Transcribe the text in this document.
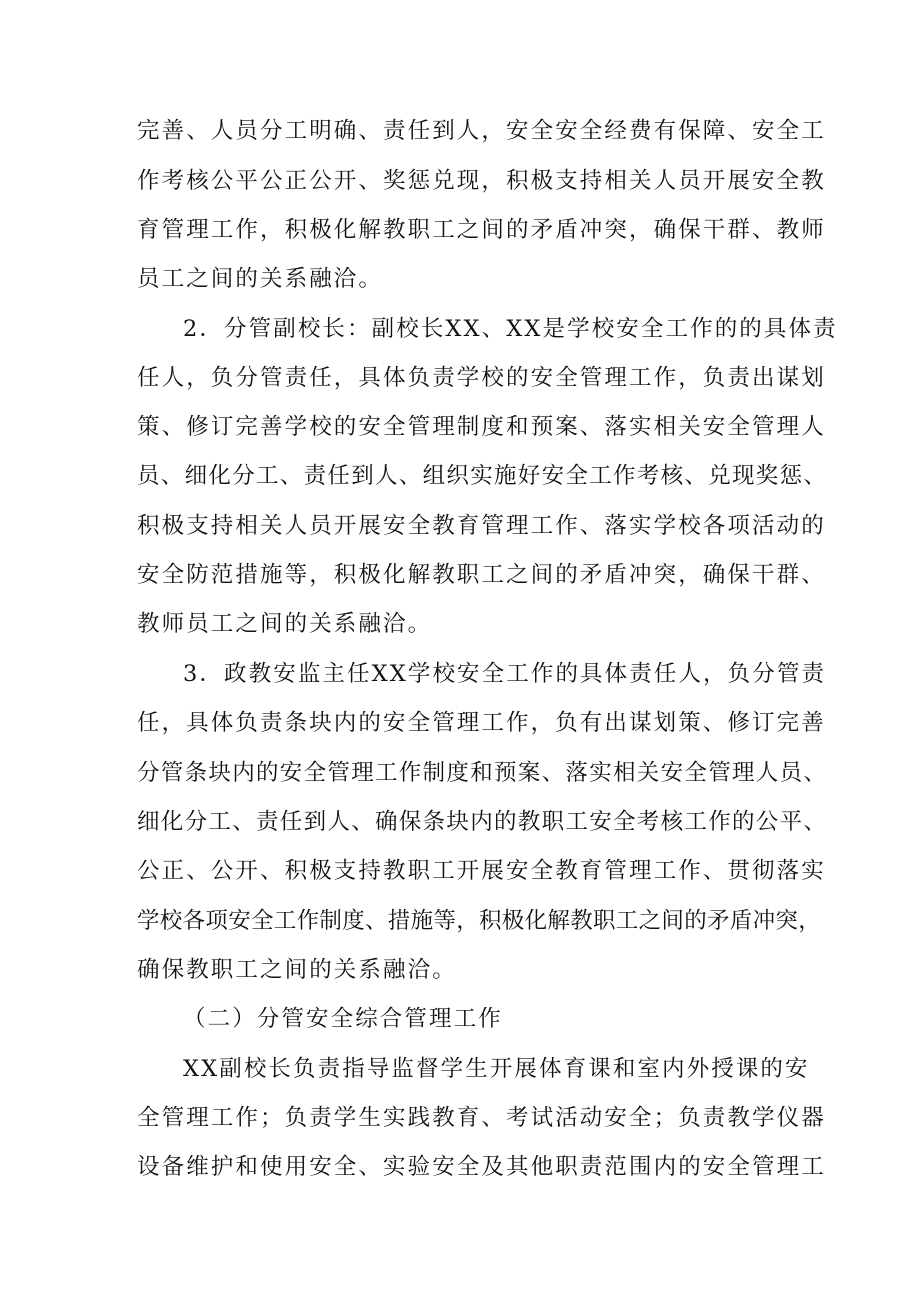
完善、人员分工明确、责任到人，安全安全经费有保障、安全工
作考核公平公正公开、奖惩兑现，积极支持相关人员开展安全教
育管理工作，积极化解教职工之间的矛盾冲突，确保干群、教师
员工之间的关系融洽。
2．分管副校长：副校长XX、XX是学校安全工作的的具体责
任人，负分管责任，具体负责学校的安全管理工作，负责出谋划
策、修订完善学校的安全管理制度和预案、落实相关安全管理人
员、细化分工、责任到人、组织实施好安全工作考核、兑现奖惩、
积极支持相关人员开展安全教育管理工作、落实学校各项活动的
安全防范措施等，积极化解教职工之间的矛盾冲突，确保干群、
教师员工之间的关系融洽。
3．政教安监主任XX学校安全工作的具体责任人，负分管责
任，具体负责条块内的安全管理工作，负有出谋划策、修订完善
分管条块内的安全管理工作制度和预案、落实相关安全管理人员、
细化分工、责任到人、确保条块内的教职工安全考核工作的公平、
公正、公开、积极支持教职工开展安全教育管理工作、贯彻落实
学校各项安全工作制度、措施等，积极化解教职工之间的矛盾冲突，
确保教职工之间的关系融洽。
（二）分管安全综合管理工作
XX副校长负责指导监督学生开展体育课和室内外授课的安
全管理工作；负责学生实践教育、考试活动安全；负责教学仪器
设备维护和使用安全、实验安全及其他职责范围内的安全管理工
